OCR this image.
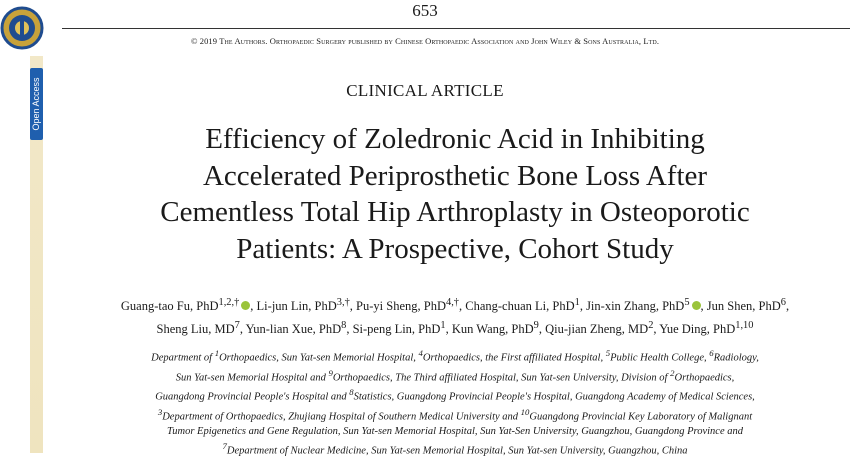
Open Access
653
© 2019 The Authors. Orthopaedic Surgery published by Chinese Orthopaedic Association and John Wiley & Sons Australia, Ltd.
CLINICAL ARTICLE
Efficiency of Zoledronic Acid in Inhibiting
Accelerated Periprosthetic Bone Loss After
Cementless Total Hip Arthroplasty in Osteoporotic
Patients: A Prospective, Cohort Study
Guang-tao Fu, PhD$^{1,2,\dagger}$ , Li-jun Lin, PhD$^{3,\dagger}$, Pu-yi Sheng, PhD$^{4,\dagger}$, Chang-chuan Li, PhD$^1$, Jin-xin Zhang, PhD$^5$ , Jun Shen, PhD$^6$,
Sheng Liu, $MD^7$, Yun-lian Xue, PhD$^8$, Si-peng Lin, PhD$^1$, Kun Wang, PhD$^9$, Qiu-jian Zheng, $MD^2$, Yue Ding, PhD$^{1,10}$
Department of $^1$Orthopaedics, Sun Yat-sen Memorial Hospital, $^4$Orthopaedics, the First affiliated Hospital, $^5$Public Health College, $^6$Radiology,
Sun Yat-sen Memorial Hospital and $^9$Orthopaedics, The Third affiliated Hospital, Sun Yat-sen University, Division of $^2$Orthopaedics,
Guangdong Provincial People's Hospital and $^8$Statistics, Guangdong Provincial People's Hospital, Guangdong Academy of Medical Sciences,
$^3$Department of Orthopaedics, Zhujiang Hospital of Southern Medical University and $^{10}$Guangdong Provincial Key Laboratory of Malignant
Tumor Epigenetics and Gene Regulation, Sun Yat-sen Memorial Hospital, Sun Yat-Sen University, Guangzhou, Guangdong Province and
$^7$Department of Nuclear Medicine, Sun Yat-sen Memorial Hospital, Sun Yat-sen University, Guangzhou, China
